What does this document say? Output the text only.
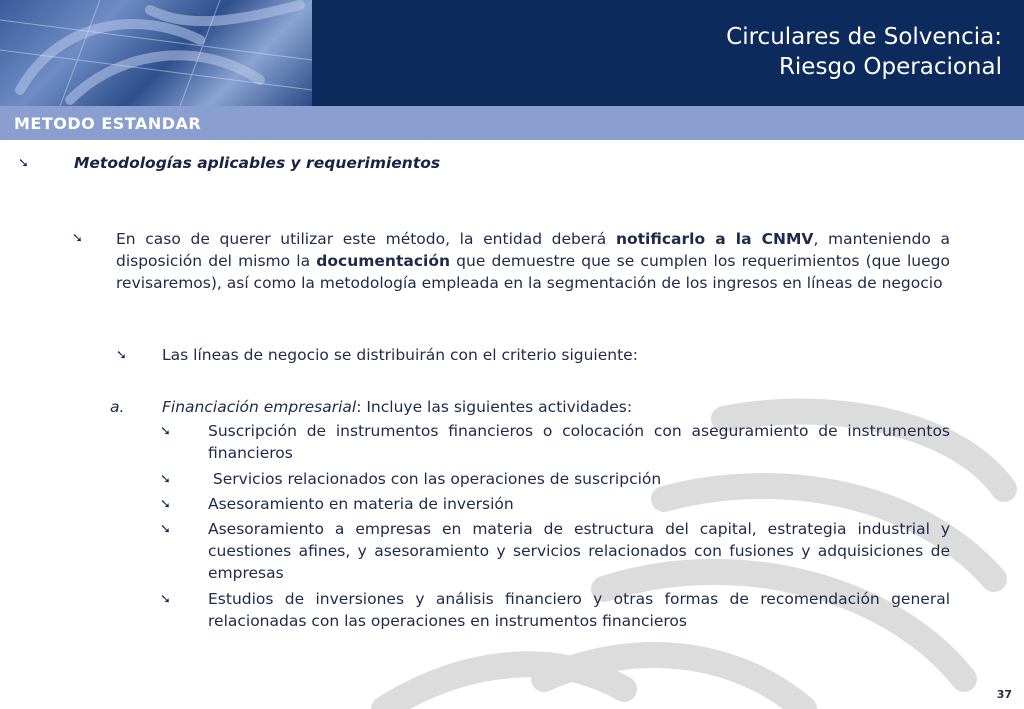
Circulares de Solvencia:
Riesgo Operacional
METODO ESTANDAR
➘	Metodologías aplicables y requerimientos
➘ En caso de querer utilizar este método, la entidad deberá notificarlo a la CNMV, manteniendo a disposición del mismo la documentación que demuestre que se cumplen los requerimientos (que luego revisaremos), así como la metodología empleada en la segmentación de los ingresos en líneas de negocio
➘ Las líneas de negocio se distribuirán con el criterio siguiente:
a. Financiación empresarial: Incluye las siguientes actividades:
➘ Suscripción de instrumentos financieros o colocación con aseguramiento de instrumentos financieros
➘ Servicios relacionados con las operaciones de suscripción
➘ Asesoramiento en materia de inversión
➘ Asesoramiento a empresas en materia de estructura del capital, estrategia industrial y cuestiones afines, y asesoramiento y servicios relacionados con fusiones y adquisiciones de empresas
➘ Estudios de inversiones y análisis financiero y otras formas de recomendación general relacionadas con las operaciones en instrumentos financieros
37
